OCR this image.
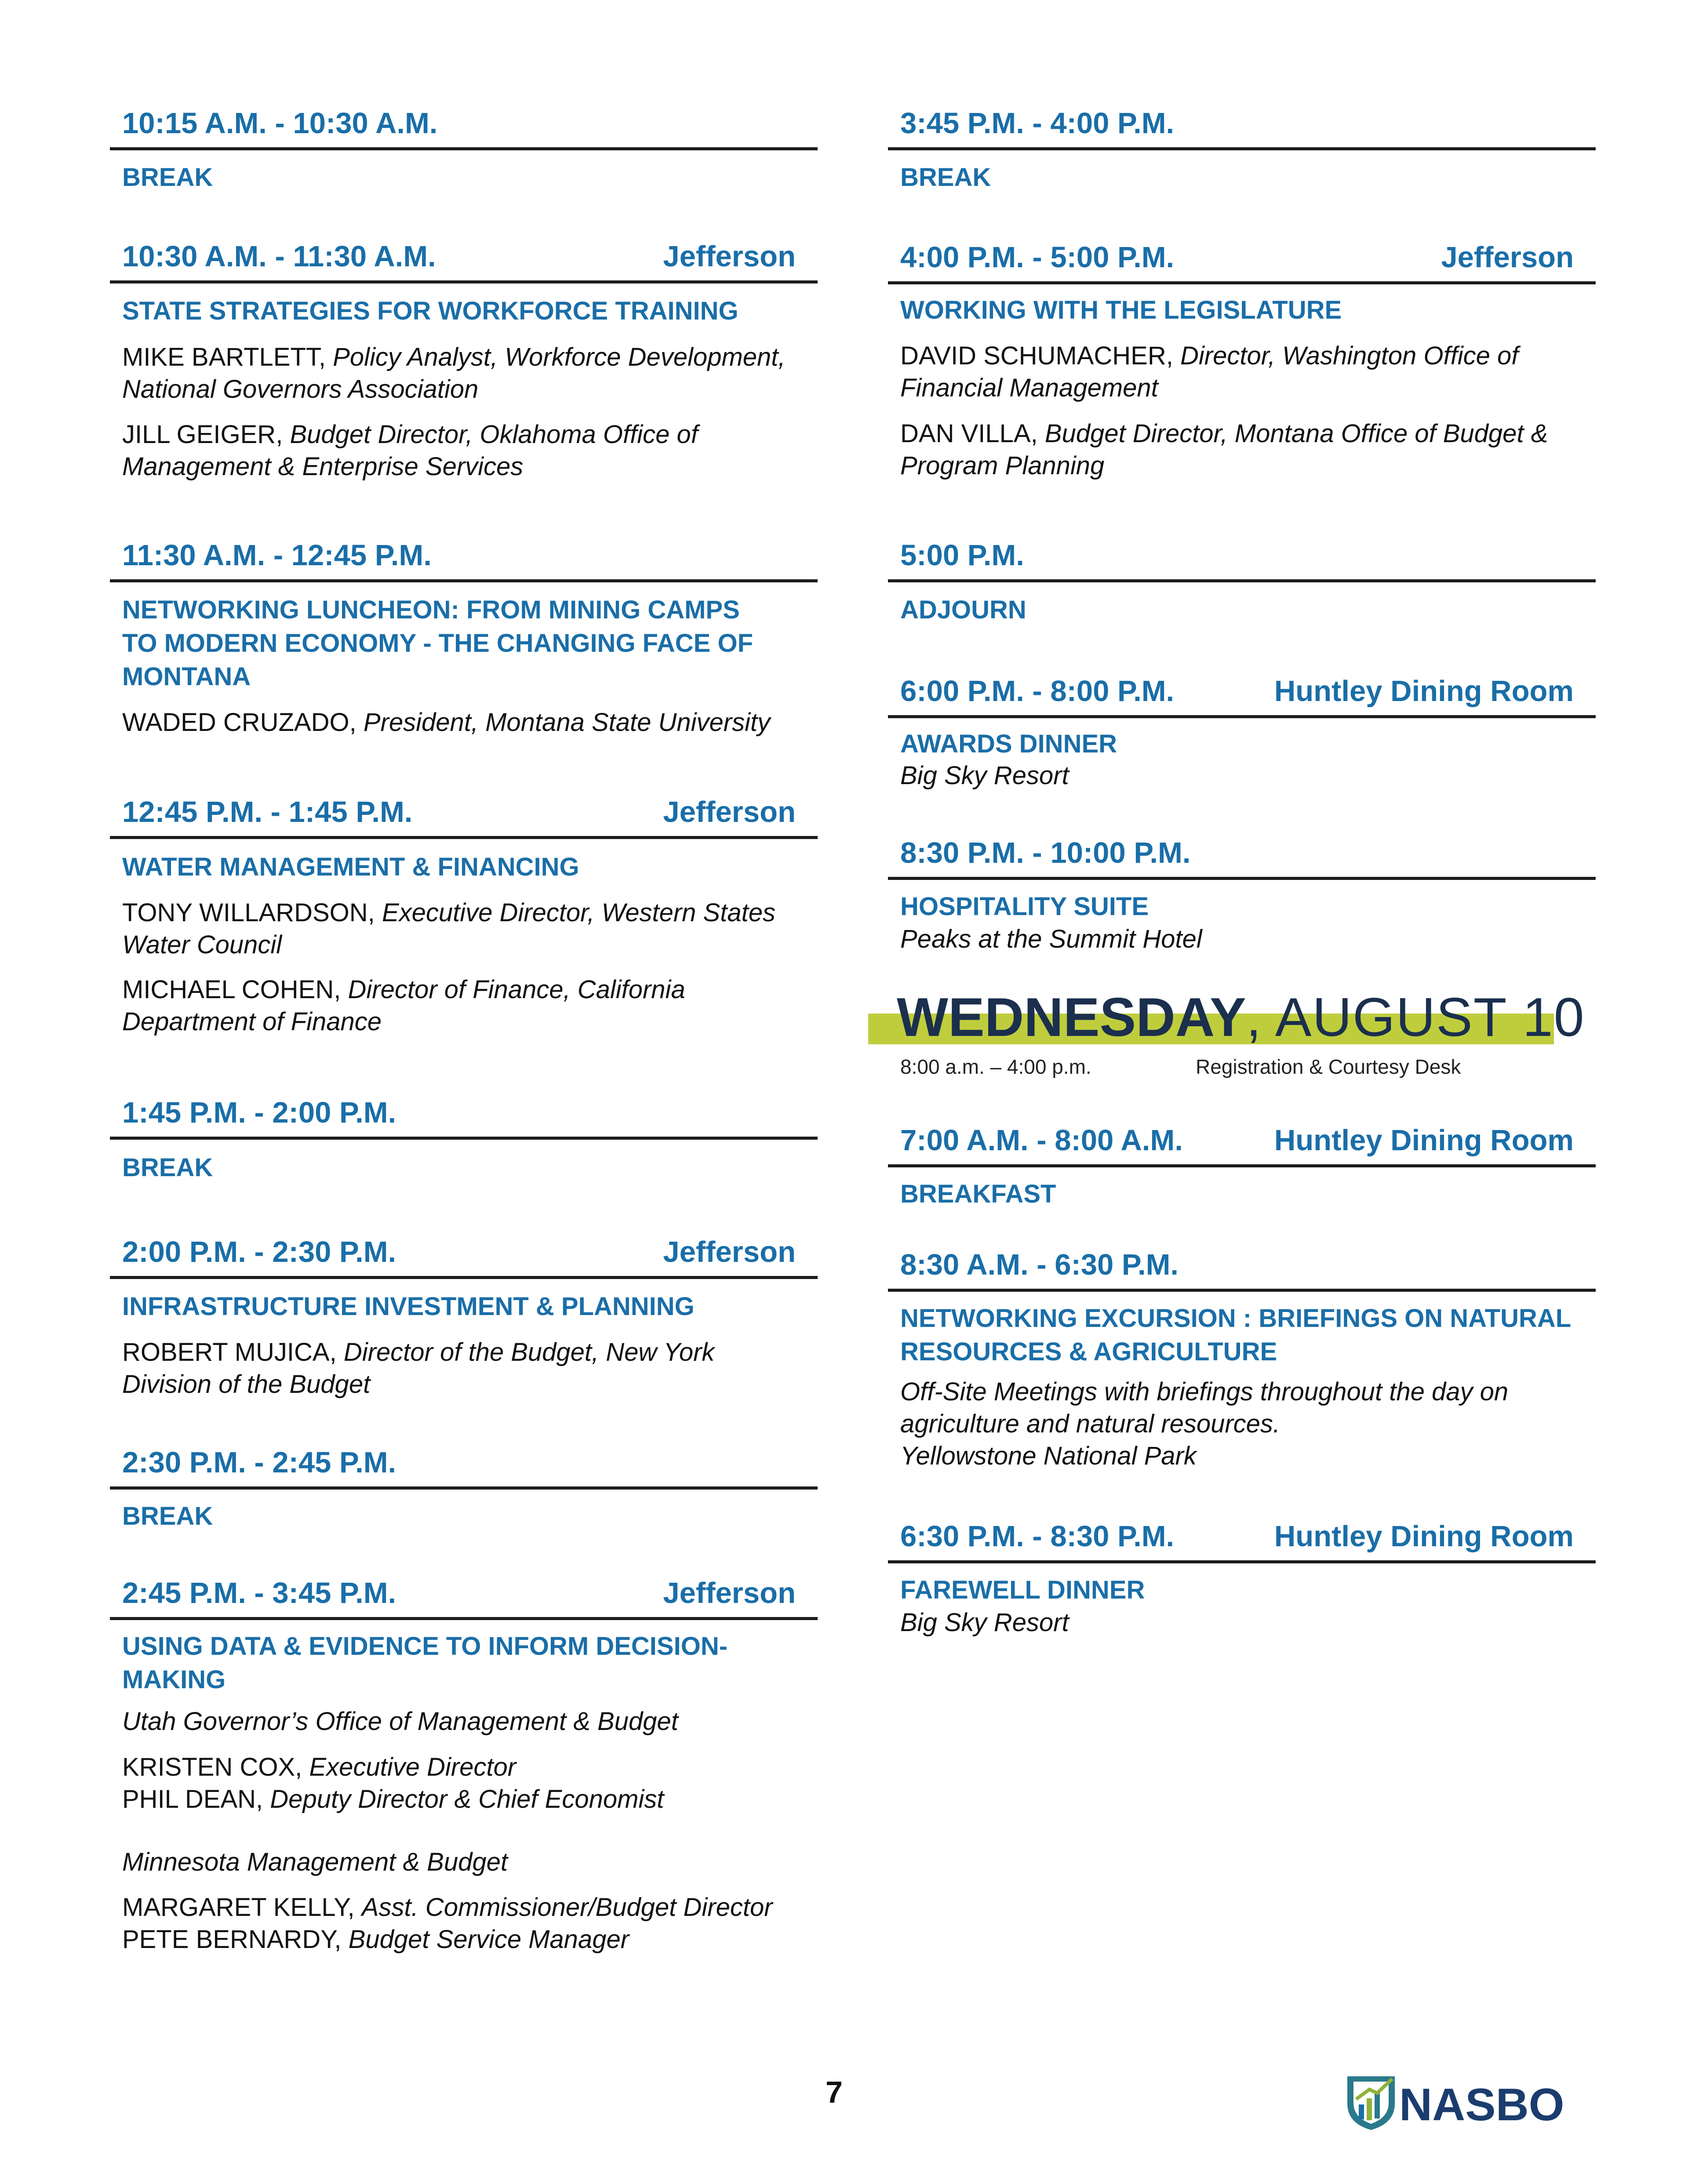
10:15 A.M. - 10:30 A.M.
BREAK
10:30 A.M. - 11:30 A.M.	Jefferson
STATE STRATEGIES FOR WORKFORCE TRAINING
MIKE BARTLETT, Policy Analyst, Workforce Development,
National Governors Association
JILL GEIGER, Budget Director, Oklahoma Office of
Management & Enterprise Services
11:30 A.M. - 12:45 P.M.
NETWORKING LUNCHEON: FROM MINING CAMPS
TO MODERN ECONOMY - THE CHANGING FACE OF
MONTANA
WADED CRUZADO, President, Montana State University
12:45 P.M. - 1:45 P.M.	Jefferson
WATER MANAGEMENT & FINANCING
TONY WILLARDSON, Executive Director, Western States
Water Council
MICHAEL COHEN, Director of Finance, California
Department of Finance
1:45 P.M. - 2:00 P.M.
BREAK
2:00 P.M. - 2:30 P.M.	Jefferson
INFRASTRUCTURE INVESTMENT & PLANNING
ROBERT MUJICA, Director of the Budget, New York
Division of the Budget
2:30 P.M. - 2:45 P.M.
BREAK
2:45 P.M. - 3:45 P.M.	Jefferson
USING DATA & EVIDENCE TO INFORM DECISION-
MAKING
Utah Governor’s Office of Management & Budget
KRISTEN COX, Executive Director
PHIL DEAN, Deputy Director & Chief Economist
Minnesota Management & Budget
MARGARET KELLY, Asst. Commissioner/Budget Director
PETE BERNARDY, Budget Service Manager
3:45 P.M. - 4:00 P.M.
BREAK
4:00 P.M. - 5:00 P.M.	Jefferson
WORKING WITH THE LEGISLATURE
DAVID SCHUMACHER, Director, Washington Office of
Financial Management
DAN VILLA, Budget Director, Montana Office of Budget &
Program Planning
5:00 P.M.
ADJOURN
6:00 P.M. - 8:00 P.M.	Huntley Dining Room
AWARDS DINNER
Big Sky Resort
8:30 P.M. - 10:00 P.M.
HOSPITALITY SUITE
Peaks at the Summit Hotel
7:00 A.M. - 8:00 A.M.	Huntley Dining Room
BREAKFAST
8:30 A.M. - 6:30 P.M.
NETWORKING EXCURSION : BRIEFINGS ON NATURAL
RESOURCES & AGRICULTURE
Off-Site Meetings with briefings throughout the day on
agriculture and natural resources.
Yellowstone National Park
6:30 P.M. - 8:30 P.M.	Huntley Dining Room
FAREWELL DINNER
Big Sky Resort
WEDNESDAY, AUGUST 10
8:00 a.m. – 4:00 p.m.	Registration & Courtesy Desk
7	NASBO
